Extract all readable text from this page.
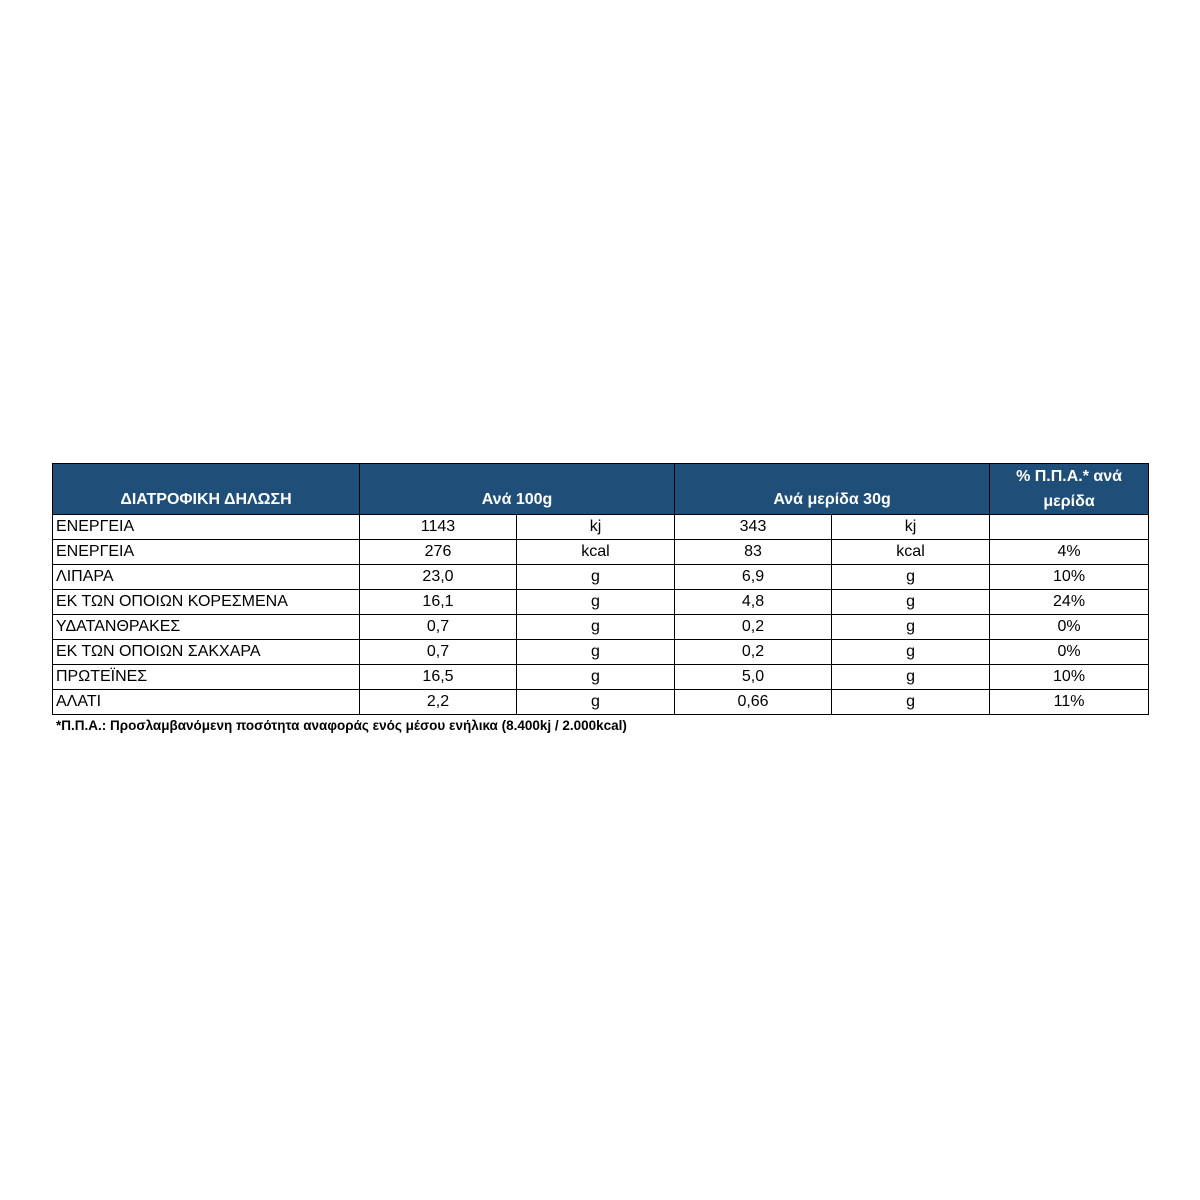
ΔΙΑΤΡΟΦΙΚΗ ΔΗΛΩΣΗ	Ανά 100g		Ανά μερίδα 30g		% Π.Π.Α.* ανά
μερίδα
ΕΝΕΡΓΕΙΑ	1143	kj	343	kj	
ΕΝΕΡΓΕΙΑ	276	kcal	83	kcal	4%
ΛΙΠΑΡΑ	23,0	g	6,9	g	10%
ΕΚ ΤΩΝ ΟΠΟΙΩΝ ΚΟΡΕΣΜΕΝΑ	16,1	g	4,8	g	24%
ΥΔΑΤΑΝΘΡΑΚΕΣ	0,7	g	0,2	g	0%
ΕΚ ΤΩΝ ΟΠΟΙΩΝ ΣΑΚΧΑΡΑ	0,7	g	0,2	g	0%
ΠΡΩΤΕΪΝΕΣ	16,5	g	5,0	g	10%
ΑΛΑΤΙ	2,2	g	0,66	g	11%
*Π.Π.Α.: Προσλαμβανόμενη ποσότητα αναφοράς ενός μέσου ενήλικα (8.400kj / 2.000kcal)
